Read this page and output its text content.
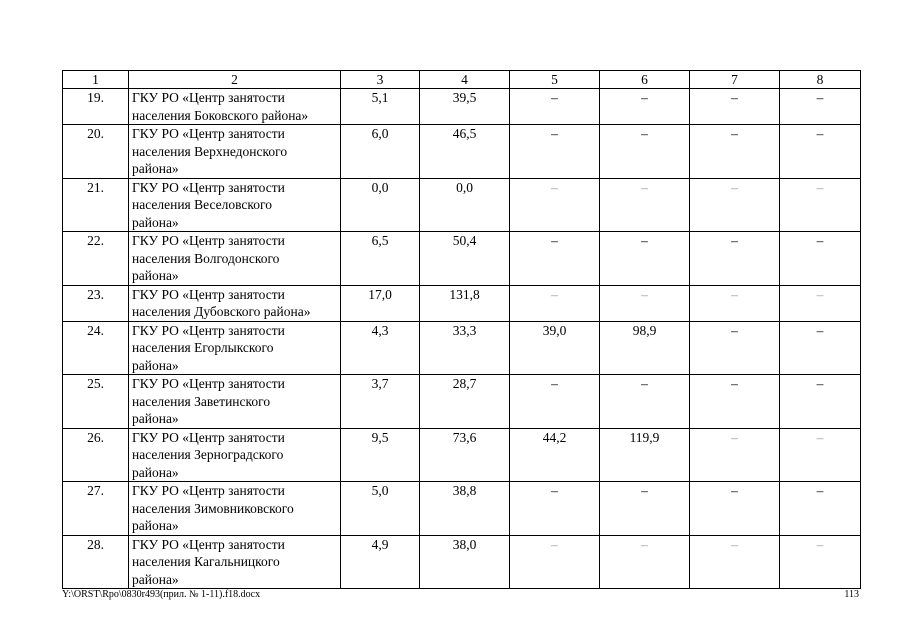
1	2	3	4	5	6	7	8
19.	ГКУ РО «Центр занятости
населения Боковского района»	5,1	39,5	–	–	–	–
20.	ГКУ РО «Центр занятости
населения Верхнедонского
района»	6,0	46,5	–	–	–	–
21.	ГКУ РО «Центр занятости
населения Веселовского
района»	0,0	0,0	–	–	–	–
22.	ГКУ РО «Центр занятости
населения Волгодонского
района»	6,5	50,4	–	–	–	–
23.	ГКУ РО «Центр занятости
населения Дубовского района»	17,0	131,8	–	–	–	–
24.	ГКУ РО «Центр занятости
населения Егорлыкского
района»	4,3	33,3	39,0	98,9	–	–
25.	ГКУ РО «Центр занятости
населения Заветинского
района»	3,7	28,7	–	–	–	–
26.	ГКУ РО «Центр занятости
населения Зерноградского
района»	9,5	73,6	44,2	119,9	–	–
27.	ГКУ РО «Центр занятости
населения Зимовниковского
района»	5,0	38,8	–	–	–	–
28.	ГКУ РО «Центр занятости
населения Кагальницкого
района»	4,9	38,0	–	–	–	–
Y:\ORST\Rpo\0830r493(прил. № 1-11).f18.docx	113
